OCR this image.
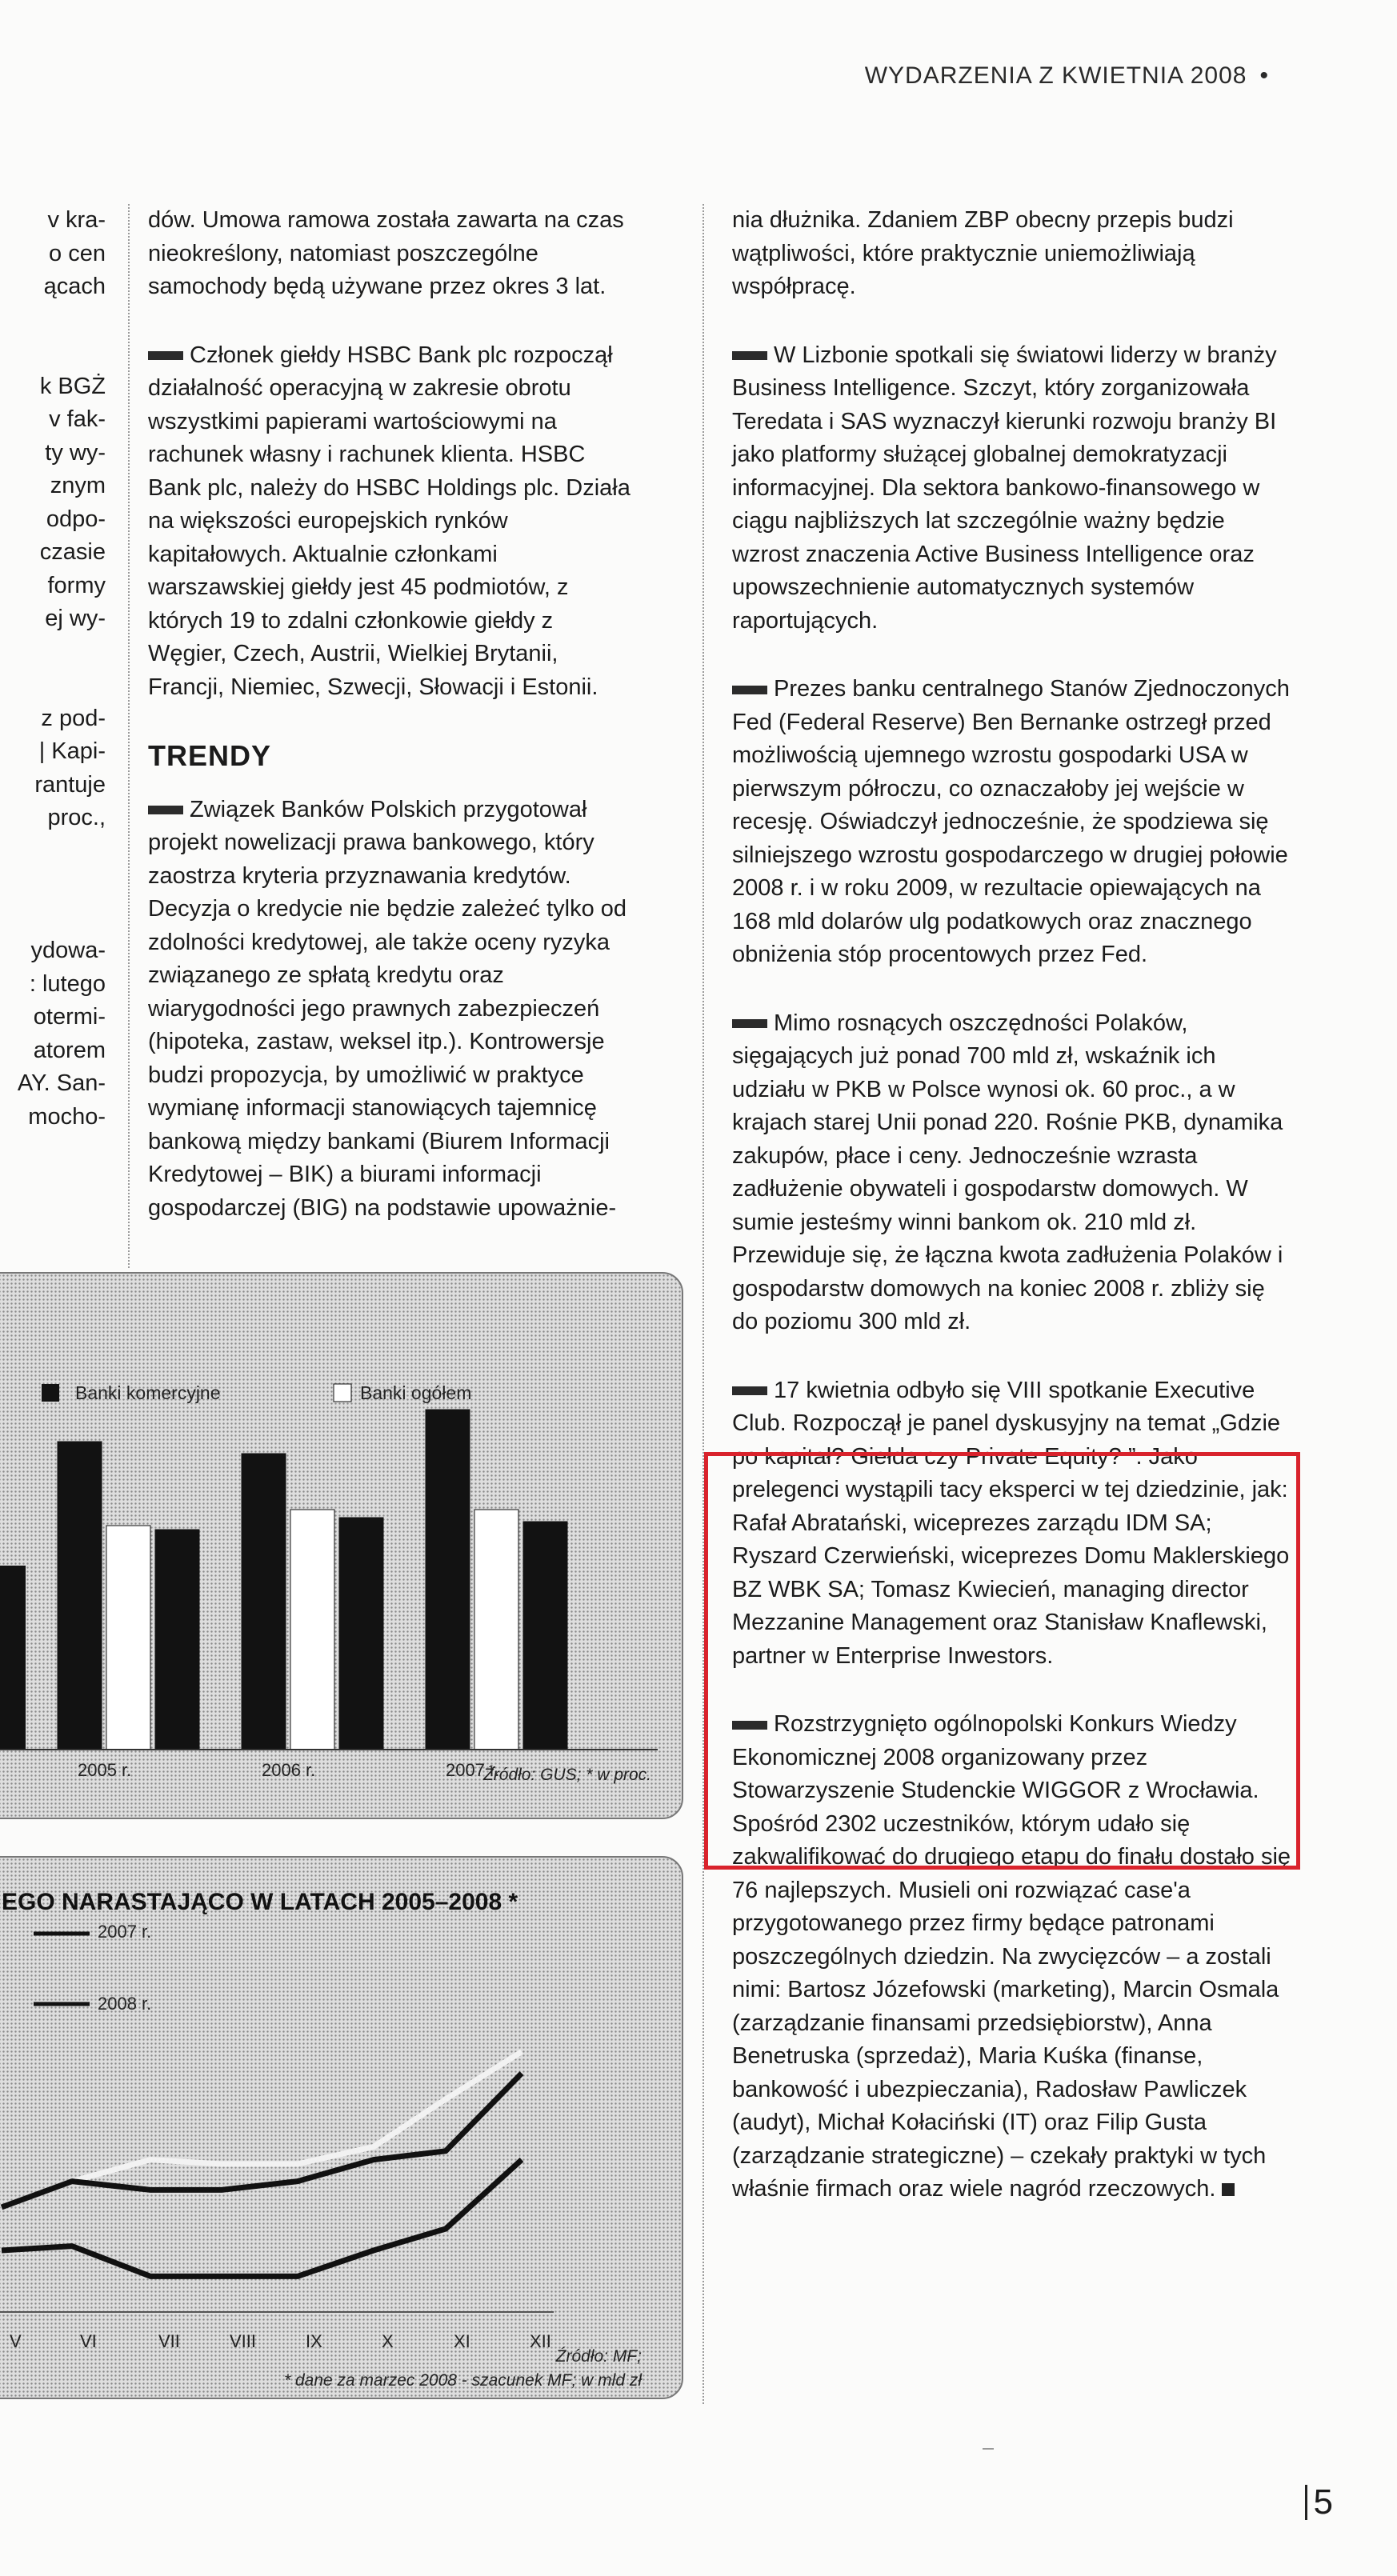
WYDARZENIA Z KWIETNIA 2008 •
v kra-
o cen
ącach

k BGŻ
v fak-
ty wy-
znym
odpo-
czasie
formy
ej wy-

z pod-
| Kapi-
rantuje
proc.,

ydowa-
: lutego
otermi-
atorem
AY. San-
mocho-

dów. Umowa ramowa została zawarta na czas nieokreślony, natomiast poszczególne samochody będą używane przez okres 3 lat.

Członek giełdy HSBC Bank plc rozpoczął działalność operacyjną w zakresie obrotu wszystkimi papierami wartościowymi na rachunek własny i rachunek klienta. HSBC Bank plc, należy do HSBC Holdings plc. Działa na większości europejskich rynków kapitałowych. Aktualnie członkami warszawskiej giełdy jest 45 podmiotów, z których 19 to zdalni członkowie giełdy z Węgier, Czech, Austrii, Wielkiej Brytanii, Francji, Niemiec, Szwecji, Słowacji i Estonii.

TRENDY

Związek Banków Polskich przygotował projekt nowelizacji prawa bankowego, który zaostrza kryteria przyznawania kredytów. Decyzja o kredycie nie będzie zależeć tylko od zdolności kredytowej, ale także oceny ryzyka związanego ze spłatą kredytu oraz wiarygodności jego prawnych zabezpieczeń (hipoteka, zastaw, weksel itp.). Kontrowersje budzi propozycja, by umożliwić w praktyce wymianę informacji stanowiących tajemnicę bankową między bankami (Biurem Informacji Kredytowej – BIK) a biurami informacji gospodarczej (BIG) na podstawie upoważnie-

nia dłużnika. Zdaniem ZBP obecny przepis budzi wątpliwości, które praktycznie uniemożliwiają współpracę.

W Lizbonie spotkali się światowi liderzy w branży Business Intelligence. Szczyt, który zorganizowała Teredata i SAS wyznaczył kierunki rozwoju branży BI jako platformy służącej globalnej demokratyzacji informacyjnej. Dla sektora bankowo-finansowego w ciągu najbliższych lat szczególnie ważny będzie wzrost znaczenia Active Business Intelligence oraz upowszechnienie automatycznych systemów raportujących.

Prezes banku centralnego Stanów Zjednoczonych Fed (Federal Reserve) Ben Bernanke ostrzegł przed możliwością ujemnego wzrostu gospodarki USA w pierwszym półroczu, co oznaczałoby jej wejście w recesję. Oświadczył jednocześnie, że spodziewa się silniejszego wzrostu gospodarczego w drugiej połowie 2008 r. i w roku 2009, w rezultacie opiewających na 168 mld dolarów ulg podatkowych oraz znacznego obniżenia stóp procentowych przez Fed.

Mimo rosnących oszczędności Polaków, sięgających już ponad 700 mld zł, wskaźnik ich udziału w PKB w Polsce wynosi ok. 60 proc., a w krajach starej Unii ponad 220. Rośnie PKB, dynamika zakupów, płace i ceny. Jednocześnie wzrasta zadłużenie obywateli i gospodarstw domowych. W sumie jesteśmy winni bankom ok. 210 mld zł. Przewiduje się, że łączna kwota zadłużenia Polaków i gospodarstw domowych na koniec 2008 r. zbliży się do poziomu 300 mld zł.

17 kwietnia odbyło się VIII spotkanie Executive Club. Rozpoczął je panel dyskusyjny na temat „Gdzie po kapitał? Giełda czy Private Equity? ”. Jako prelegenci wystąpili tacy eksperci w tej dziedzinie, jak: Rafał Abratański, wiceprezes zarządu IDM SA; Ryszard Czerwieński, wiceprezes Domu Maklerskiego BZ WBK SA; Tomasz Kwiecień, managing director Mezzanine Management oraz Stanisław Knaflewski, partner w Enterprise Inwestors.

Rozstrzygnięto ogólnopolski Konkurs Wiedzy Ekonomicznej 2008 organizowany przez Stowarzyszenie Studenckie WIGGOR z Wrocławia. Spośród 2302 uczestników, którym udało się zakwalifikować do drugiego etapu do finału dostało się 76 najlepszych. Musieli oni rozwiązać case'a przygotowanego przez firmy będące patronami poszczególnych dziedzin. Na zwycięzców – a zostali nimi: Bartosz Józefowski (marketing), Marcin Osmala (zarządzanie finansami przedsiębiorstw), Anna Benetruska (sprzedaż), Maria Kuśka (finanse, bankowość i ubezpieczania), Radosław Pawliczek (audyt), Michał Kołaciński (IT) oraz Filip Gusta (zarządzanie strategiczne) – czekały praktyki w tych właśnie firmach oraz wiele nagród rzeczowych.

2005 r.	2006 r.	2007 r.
Banki komercyjne	Banki ogółem
Źródło: GUS; * w proc.
EGO NARASTAJĄCO W LATACH 2005–2008 *
2007 r.
2008 r.
V	VI	VII	VIII	IX	X	XI	XII
Źródło: MF;
* dane za marzec 2008 - szacunek MF; w mld zł
5
